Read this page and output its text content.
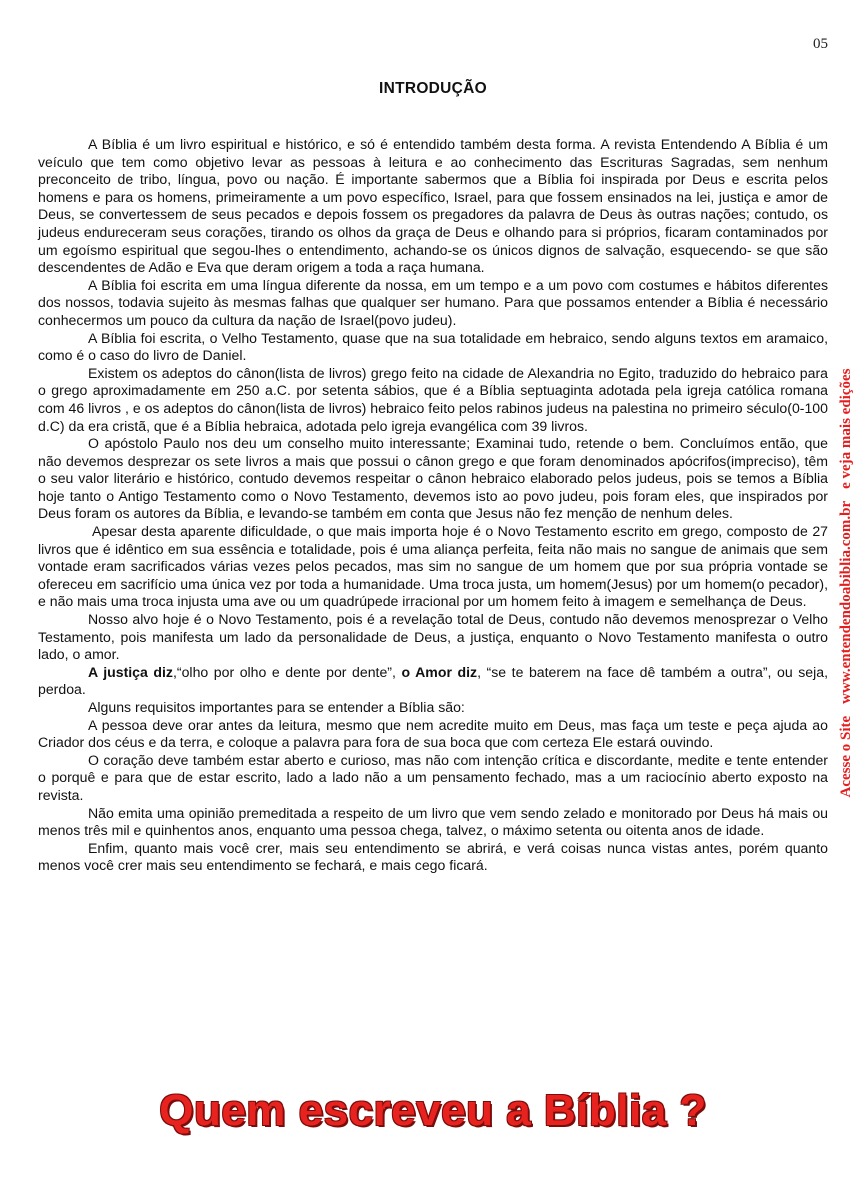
05
INTRODUÇÃO

A Bíblia é um livro espiritual e histórico, e só é entendido também desta forma. A revista Entendendo A Bíblia é um veículo que tem como objetivo levar as pessoas à leitura e ao conhecimento das Escrituras Sagradas, sem nenhum preconceito de tribo, língua, povo ou nação. É importante sabermos que a Bíblia foi inspirada por Deus e escrita pelos homens e para os homens, primeiramente a um povo específico, Israel, para que fossem ensinados na lei, justiça e amor de Deus, se convertessem de seus pecados e depois fossem os pregadores da palavra de Deus às outras nações; contudo, os judeus endureceram seus corações, tirando os olhos da graça de Deus e olhando para si próprios, ficaram contaminados por um egoísmo espiritual que segou-lhes o entendimento, achando-se os únicos dignos de salvação, esquecendo- se que são descendentes de Adão e Eva que deram origem a toda a raça humana.

A Bíblia foi escrita em uma língua diferente da nossa, em um tempo e a um povo com costumes e hábitos diferentes dos nossos, todavia sujeito às mesmas falhas que qualquer ser humano. Para que possamos entender a Bíblia é necessário conhecermos um pouco da cultura da nação de Israel(povo judeu).

A Bíblia foi escrita, o Velho Testamento, quase que na sua totalidade em hebraico, sendo alguns textos em aramaico, como é o caso do livro de Daniel.

Existem os adeptos do cânon(lista de livros) grego feito na cidade de Alexandria no Egito, traduzido do hebraico para o grego aproximadamente em 250 a.C. por setenta sábios, que é a Bíblia septuaginta adotada pela igreja católica romana com 46 livros , e os adeptos do cânon(lista de livros) hebraico feito pelos rabinos judeus na palestina no primeiro século(0-100 d.C) da era cristã, que é a Bíblia hebraica, adotada pelo igreja evangélica com 39 livros.

O apóstolo Paulo nos deu um conselho muito interessante; Examinai tudo, retende o bem. Concluímos então, que não devemos desprezar os sete livros a mais que possui o cânon grego e que foram denominados apócrifos(impreciso), têm o seu valor literário e histórico, contudo devemos respeitar o cânon hebraico elaborado pelos judeus, pois se temos a Bíblia hoje tanto o Antigo Testamento como o Novo Testamento, devemos isto ao povo judeu, pois foram eles, que inspirados por Deus foram os autores da Bíblia, e levando-se também em conta que Jesus não fez menção de nenhum deles.

Apesar desta aparente dificuldade, o que mais importa hoje é o Novo Testamento escrito em grego, composto de 27 livros que é idêntico em sua essência e totalidade, pois é uma aliança perfeita, feita não mais no sangue de animais que sem vontade eram sacrificados várias vezes pelos pecados, mas sim no sangue de um homem que por sua própria vontade se ofereceu em sacrifício uma única vez por toda a humanidade. Uma troca justa, um homem(Jesus) por um homem(o pecador), e não mais uma troca injusta uma ave ou um quadrúpede irracional por um homem feito à imagem e semelhança de Deus.

Nosso alvo hoje é o Novo Testamento, pois é a revelação total de Deus, contudo não devemos menosprezar o Velho Testamento, pois manifesta um lado da personalidade de Deus, a justiça, enquanto o Novo Testamento manifesta o outro lado, o amor.

A justiça diz,“olho por olho e dente por dente”, o Amor diz, “se te baterem na face dê também a outra”, ou seja, perdoa.

Alguns requisitos importantes para se entender a Bíblia são:

A pessoa deve orar antes da leitura, mesmo que nem acredite muito em Deus, mas faça um teste e peça ajuda ao Criador dos céus e da terra, e coloque a palavra para fora de sua boca que com certeza Ele estará ouvindo.

O coração deve também estar aberto e curioso, mas não com intenção crítica e discordante, medite e tente entender o porquê e para que de estar escrito, lado a lado não a um pensamento fechado, mas a um raciocínio aberto exposto na revista.

Não emita uma opinião premeditada a respeito de um livro que vem sendo zelado e monitorado por Deus há mais ou menos três mil e quinhentos anos, enquanto uma pessoa chega, talvez, o máximo setenta ou oitenta anos de idade.

Enfim, quanto mais você crer, mais seu entendimento se abrirá, e verá coisas nunca vistas antes, porém quanto menos você crer mais seu entendimento se fechará, e mais cego ficará.

Acesse o Sitewww.entendendoabiblia.com.bre veja mais edições
Quem escreveu a Bíblia ?
